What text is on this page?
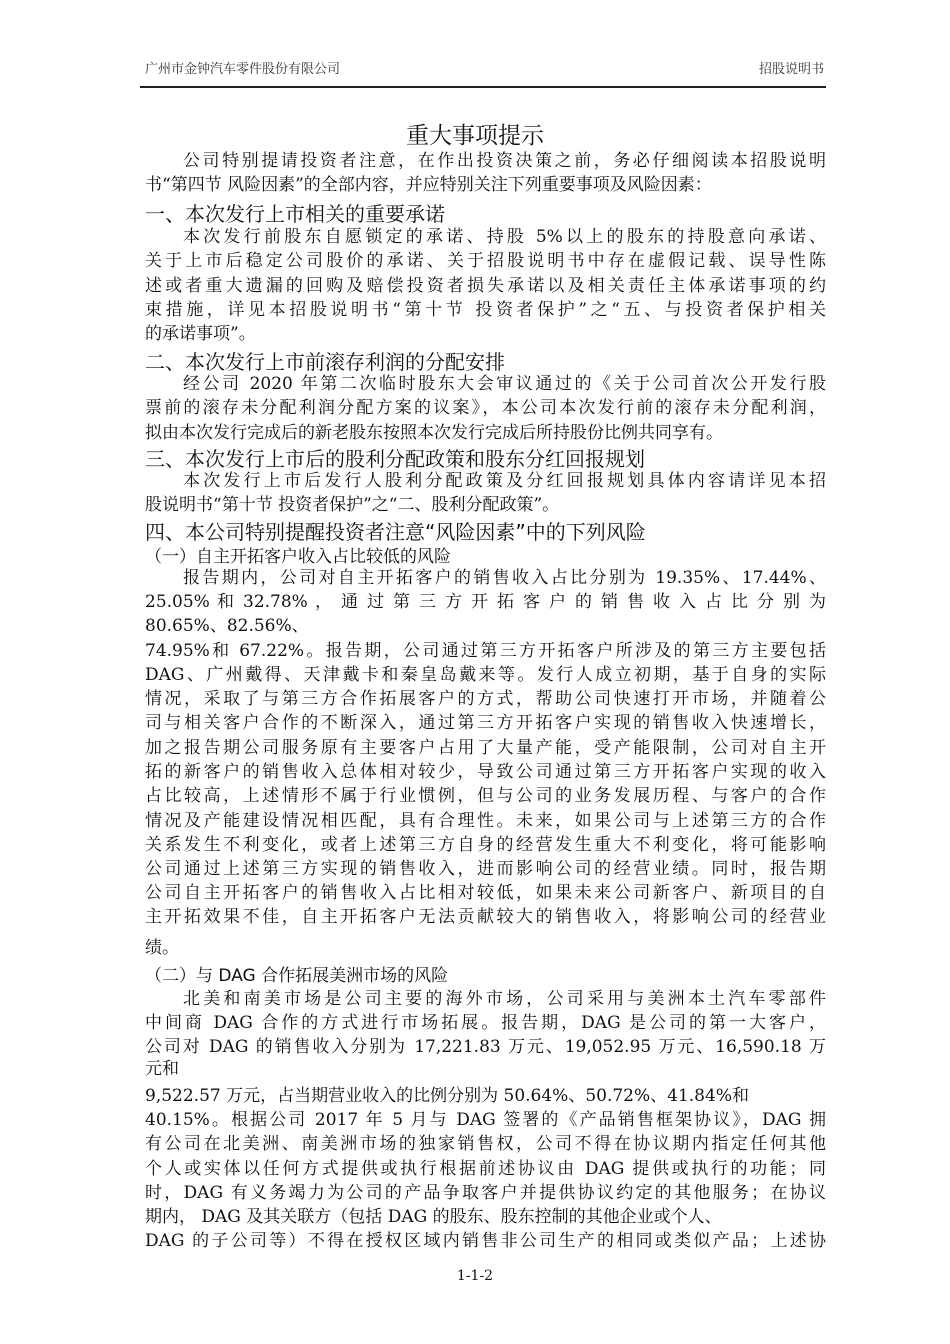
广州市金钟汽车零件股份有限公司	招股说明书
重大事项提示
公司特别提请投资者注意，在作出投资决策之前，务必仔细阅读本招股说明
书“第四节 风险因素”的全部内容，并应特别关注下列重要事项及风险因素：
一、本次发行上市相关的重要承诺
本次发行前股东自愿锁定的承诺、持股 5%以上的股东的持股意向承诺、
关于上市后稳定公司股价的承诺、关于招股说明书中存在虚假记载、误导性陈
述或者重大遗漏的回购及赔偿投资者损失承诺以及相关责任主体承诺事项的约
束措施，详见本招股说明书“第十节 投资者保护”之“五、与投资者保护相关
的承诺事项”。
二、本次发行上市前滚存利润的分配安排
经公司 2020 年第二次临时股东大会审议通过的《关于公司首次公开发行股
票前的滚存未分配利润分配方案的议案》，本公司本次发行前的滚存未分配利润，
拟由本次发行完成后的新老股东按照本次发行完成后所持股份比例共同享有。
三、本次发行上市后的股利分配政策和股东分红回报规划
本次发行上市后发行人股利分配政策及分红回报规划具体内容请详见本招
股说明书“第十节 投资者保护”之“二、股利分配政策”。
四、本公司特别提醒投资者注意“风险因素”中的下列风险
（一）自主开拓客户收入占比较低的风险
报告期内，公司对自主开拓客户的销售收入占比分别为 19.35%、17.44%、
25.05% 和 32.78% ， 通 过 第 三 方 开 拓 客 户 的 销 售 收 入 占 比 分 别 为
80.65%、82.56%、
74.95%和 67.22%。报告期，公司通过第三方开拓客户所涉及的第三方主要包括
DAG、广州戴得、天津戴卡和秦皇岛戴来等。发行人成立初期，基于自身的实际
情况，采取了与第三方合作拓展客户的方式，帮助公司快速打开市场，并随着公
司与相关客户合作的不断深入，通过第三方开拓客户实现的销售收入快速增长，
加之报告期公司服务原有主要客户占用了大量产能，受产能限制，公司对自主开
拓的新客户的销售收入总体相对较少，导致公司通过第三方开拓客户实现的收入
占比较高，上述情形不属于行业惯例，但与公司的业务发展历程、与客户的合作
情况及产能建设情况相匹配，具有合理性。未来，如果公司与上述第三方的合作
关系发生不利变化，或者上述第三方自身的经营发生重大不利变化，将可能影响
公司通过上述第三方实现的销售收入，进而影响公司的经营业绩。同时，报告期
公司自主开拓客户的销售收入占比相对较低，如果未来公司新客户、新项目的自
主开拓效果不佳，自主开拓客户无法贡献较大的销售收入，将影响公司的经营业
绩。
（二）与 DAG 合作拓展美洲市场的风险
北美和南美市场是公司主要的海外市场，公司采用与美洲本土汽车零部件
中间商 DAG 合作的方式进行市场拓展。报告期，DAG 是公司的第一大客户，
公司对 DAG 的销售收入分别为 17,221.83 万元、19,052.95 万元、16,590.18 万
元和
9,522.57 万元，占当期营业收入的比例分别为 50.64%、50.72%、41.84%和
40.15%。根据公司 2017 年 5 月与 DAG 签署的《产品销售框架协议》，DAG 拥
有公司在北美洲、南美洲市场的独家销售权，公司不得在协议期内指定任何其他
个人或实体以任何方式提供或执行根据前述协议由 DAG 提供或执行的功能；同
时，DAG 有义务竭力为公司的产品争取客户并提供协议约定的其他服务；在协议
期内， DAG 及其关联方（包括 DAG 的股东、股东控制的其他企业或个人、
DAG 的子公司等）不得在授权区域内销售非公司生产的相同或类似产品；上述协
1-1-2
